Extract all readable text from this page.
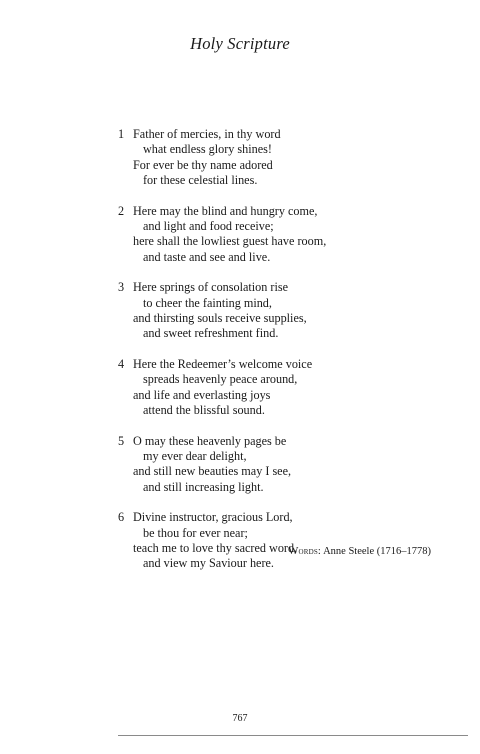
Holy Scripture
1 Father of mercies, in thy word
what endless glory shines!
For ever be thy name adored
for these celestial lines.
2 Here may the blind and hungry come,
and light and food receive;
here shall the lowliest guest have room,
and taste and see and live.
3 Here springs of consolation rise
to cheer the fainting mind,
and thirsting souls receive supplies,
and sweet refreshment find.
4 Here the Redeemer’s welcome voice
spreads heavenly peace around,
and life and everlasting joys
attend the blissful sound.
5 O may these heavenly pages be
my ever dear delight,
and still new beauties may I see,
and still increasing light.
6 Divine instructor, gracious Lord,
be thou for ever near;
teach me to love thy sacred word,
and view my Saviour here.
Words: Anne Steele (1716–1778)
767
